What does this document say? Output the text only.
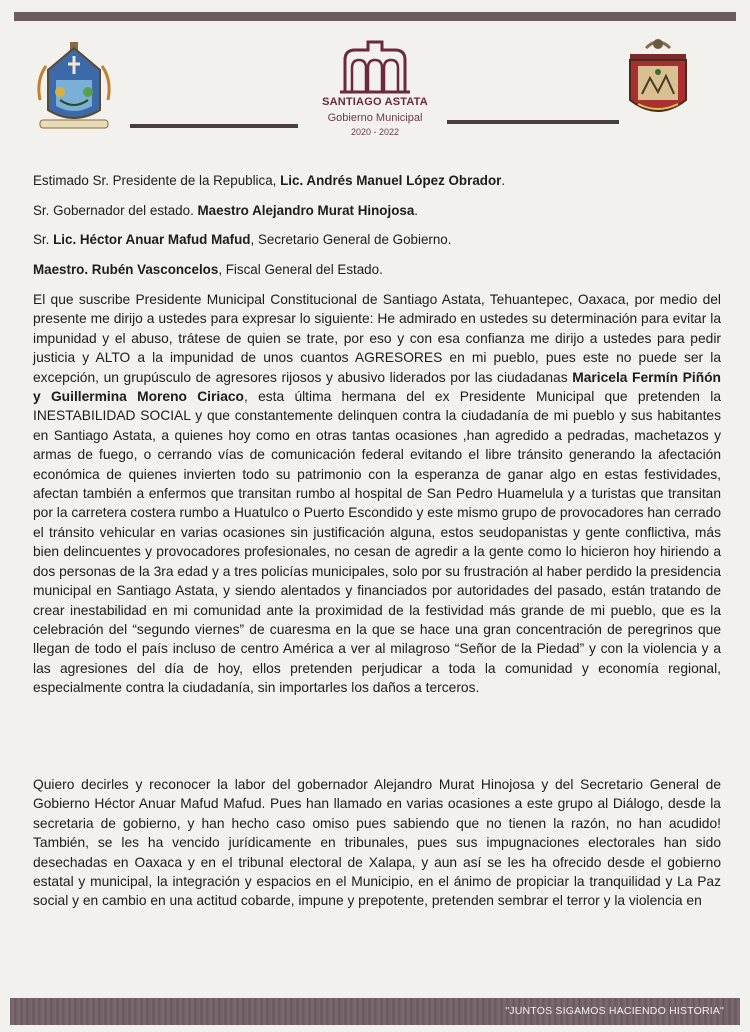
SANTIAGO ASTATA
Gobierno Municipal
2020 - 2022
Estimado Sr. Presidente de la Republica, Lic. Andrés Manuel López Obrador.
Sr. Gobernador del estado. Maestro Alejandro Murat Hinojosa.
Sr. Lic. Héctor Anuar Mafud Mafud, Secretario General de Gobierno.
Maestro. Rubén Vasconcelos, Fiscal General del Estado.

El que suscribe Presidente Municipal Constitucional de Santiago Astata, Tehuantepec, Oaxaca, por medio del presente me dirijo a ustedes para expresar lo siguiente: He admirado en ustedes su determinación para evitar la impunidad y el abuso, trátese de quien se trate, por eso y con esa confianza me dirijo a ustedes para pedir justicia y ALTO a la impunidad de unos cuantos AGRESORES en mi pueblo, pues este no puede ser la excepción, un grupúsculo de agresores rijosos y abusivo liderados por las ciudadanas Maricela Fermín Piñón y Guillermina Moreno Ciriaco, esta última hermana del ex Presidente Municipal que pretenden la INESTABILIDAD SOCIAL y que constantemente delinquen contra la ciudadanía de mi pueblo y sus habitantes en Santiago Astata, a quienes hoy como en otras tantas ocasiones ,han agredido a pedradas, machetazos y armas de fuego, o cerrando vías de comunicación federal evitando el libre tránsito generando la afectación económica de quienes invierten todo su patrimonio con la esperanza de ganar algo en estas festividades, afectan también a enfermos que transitan rumbo al hospital de San Pedro Huamelula y a turistas que transitan por la carretera costera rumbo a Huatulco o Puerto Escondido y este mismo grupo de provocadores han cerrado el tránsito vehicular en varias ocasiones sin justificación alguna, estos seudopanistas y gente conflictiva, más bien delincuentes y provocadores profesionales, no cesan de agredir a la gente como lo hicieron hoy hiriendo a dos personas de la 3ra edad y a tres policías municipales, solo por su frustración al haber perdido la presidencia municipal en Santiago Astata, y siendo alentados y financiados por autoridades del pasado, están tratando de crear inestabilidad en mi comunidad ante la proximidad de la festividad más grande de mi pueblo, que es la celebración del “segundo viernes” de cuaresma en la que se hace una gran concentración de peregrinos que llegan de todo el país incluso de centro América a ver al milagroso “Señor de la Piedad” y con la violencia y a las agresiones del día de hoy, ellos pretenden perjudicar a toda la comunidad y economía regional, especialmente contra la ciudadanía, sin importarles los daños a terceros.

Quiero decirles y reconocer la labor del gobernador Alejandro Murat Hinojosa y del Secretario General de Gobierno Héctor Anuar Mafud Mafud. Pues han llamado en varias ocasiones a este grupo al Diálogo, desde la secretaria de gobierno, y han hecho caso omiso pues sabiendo que no tienen la razón, no han acudido! También, se les ha vencido jurídicamente en tribunales, pues sus impugnaciones electorales han sido desechadas en Oaxaca y en el tribunal electoral de Xalapa, y aun así se les ha ofrecido desde el gobierno estatal y municipal, la integración y espacios en el Municipio, en el ánimo de propiciar la tranquilidad y La Paz social y en cambio en una actitud cobarde, impune y prepotente, pretenden sembrar el terror y la violencia en

"JUNTOS SIGAMOS HACIENDO HISTORIA"
